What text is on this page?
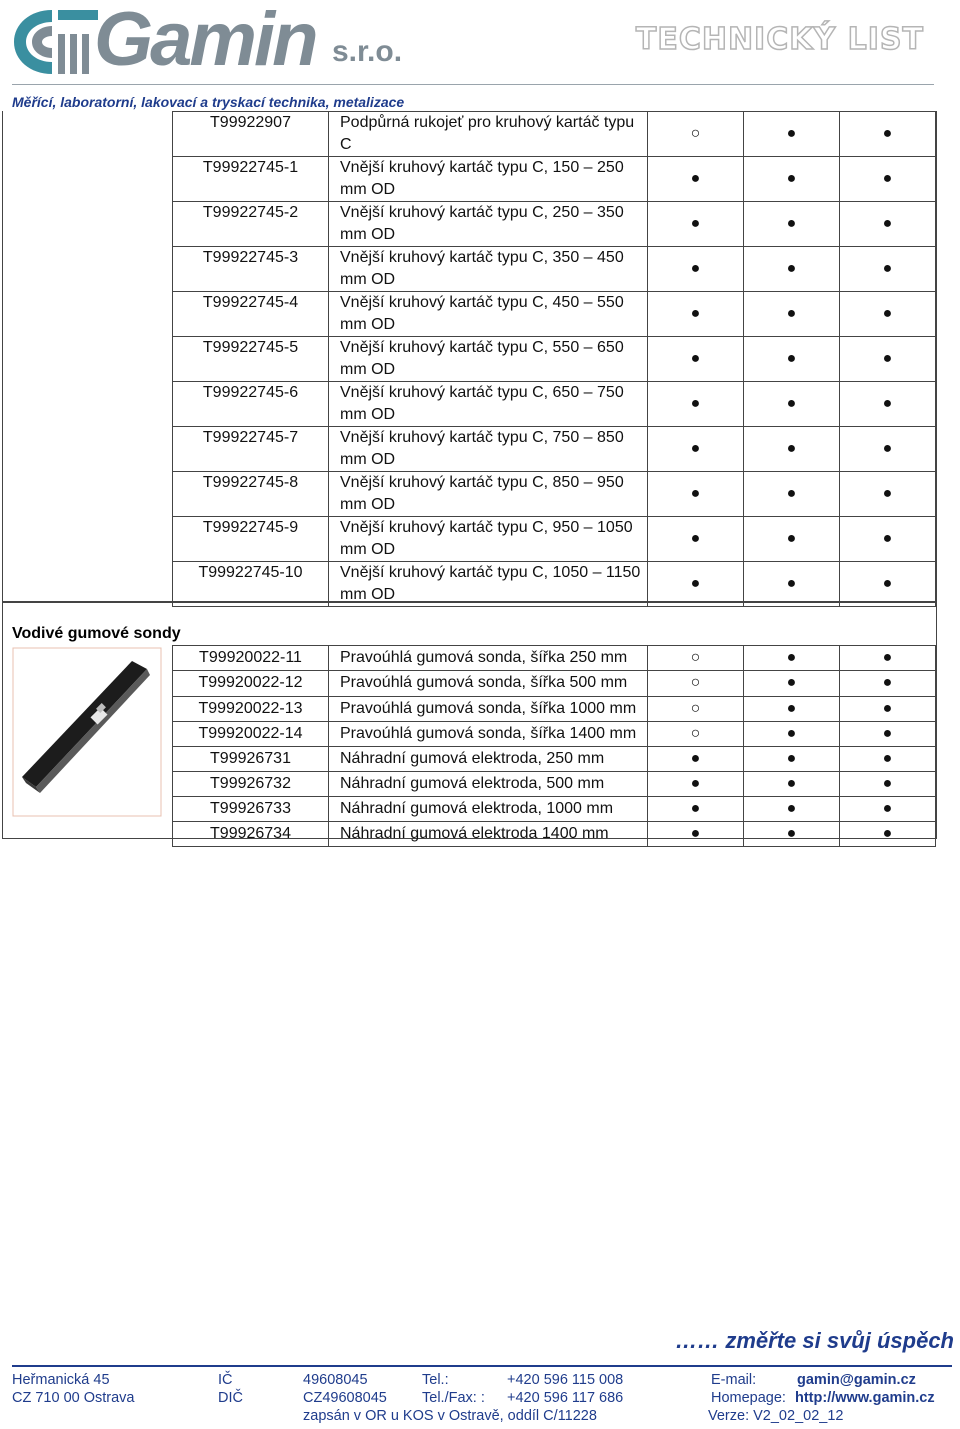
Gamin s.r.o.	TECHNICKÝ LIST
Měřící, laboratorní, lakovací a tryskací technika, metalizace
T99922907	Podpůrná rukojeť pro kruhový kartáč typu C	○	●	●
T99922745-1	Vnější kruhový kartáč typu C, 150 – 250 mm OD	●	●	●
T99922745-2	Vnější kruhový kartáč typu C, 250 – 350 mm OD	●	●	●
T99922745-3	Vnější kruhový kartáč typu C, 350 – 450 mm OD	●	●	●
T99922745-4	Vnější kruhový kartáč typu C, 450 – 550 mm OD	●	●	●
T99922745-5	Vnější kruhový kartáč typu C, 550 – 650 mm OD	●	●	●
T99922745-6	Vnější kruhový kartáč typu C, 650 – 750 mm OD	●	●	●
T99922745-7	Vnější kruhový kartáč typu C, 750 – 850 mm OD	●	●	●
T99922745-8	Vnější kruhový kartáč typu C, 850 – 950 mm OD	●	●	●
T99922745-9	Vnější kruhový kartáč typu C, 950 – 1050 mm OD	●	●	●
T99922745-10	Vnější kruhový kartáč typu C, 1050 – 1150 mm OD	●	●	●
Vodivé gumové sondy
T99920022-11	Pravoúhlá gumová sonda, šířka 250 mm	○	●	●
T99920022-12	Pravoúhlá gumová sonda, šířka 500 mm	○	●	●
T99920022-13	Pravoúhlá gumová sonda, šířka 1000 mm	○	●	●
T99920022-14	Pravoúhlá gumová sonda, šířka 1400 mm	○	●	●
T99926731	Náhradní gumová elektroda, 250 mm	●	●	●
T99926732	Náhradní gumová elektroda, 500 mm	●	●	●
T99926733	Náhradní gumová elektroda, 1000 mm	●	●	●
T99926734	Náhradní gumová elektroda 1400 mm	●	●	●
…… změřte si svůj úspěch
Heřmanická 45
CZ 710 00 Ostrava
IČ
DIČ
49608045
CZ49608045
Tel.:
Tel./Fax: :
+420 596 115 008
+420 596 117 686
E-mail:
Homepage:
gamin@gamin.cz
http://www.gamin.cz
zapsán v OR u KOS v Ostravě, oddíl C/11228	Verze: V2_02_02_12
